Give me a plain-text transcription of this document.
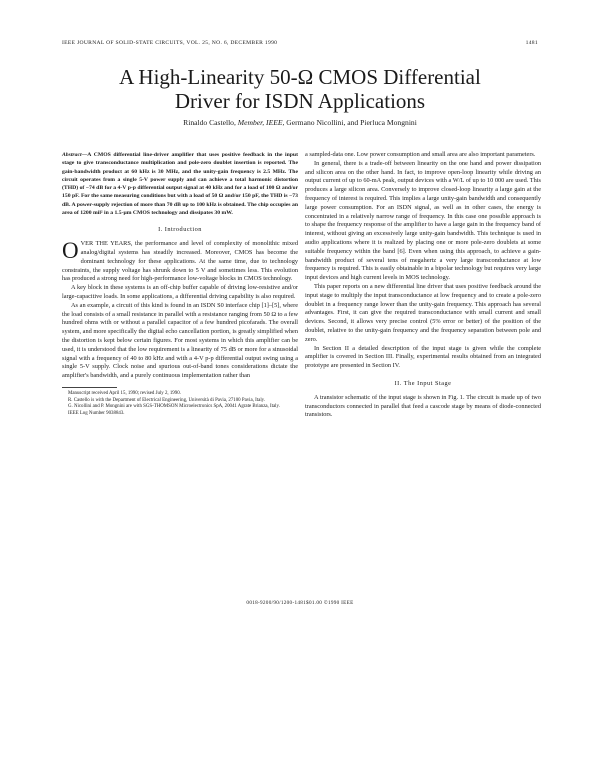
IEEE JOURNAL OF SOLID-STATE CIRCUITS, VOL. 25, NO. 6, DECEMBER 1990	1481
A High-Linearity 50-Ω CMOS Differential
Driver for ISDN Applications
Rinaldo Castello, Member, IEEE, Germano Nicollini, and Pierluca Mongnini
Abstract—A CMOS differential line-driver amplifier that uses positive feedback in the input stage to give transconductance multiplication and pole-zero doublet insertion is reported. The gain-bandwidth product at 60 kHz is 30 MHz, and the unity-gain frequency is 2.5 MHz. The circuit operates from a single 5-V power supply and can achieve a total harmonic distortion (THD) of −74 dB for a 4-V p-p differential output signal at 40 kHz and for a load of 100 Ω and/or 150 pF. For the same measuring conditions but with a load of 50 Ω and/or 150 pF, the THD is −73 dB. A power-supply rejection of more than 70 dB up to 100 kHz is obtained. The chip occupies an area of 1200 mil² in a 1.5-μm CMOS technology and dissipates 30 mW.
I. Introduction

OVER THE YEARS, the performance and level of complexity of monolithic mixed analog/digital systems has steadily increased. Moreover, CMOS has become the dominant technology for these applications. At the same time, due to technology constraints, the supply voltage has shrunk down to 5 V and sometimes less. This evolution has produced a strong need for high-performance low-voltage blocks in CMOS technology.

A key block in these systems is an off-chip buffer capable of driving low-resistive and/or large-capacitive loads. In some applications, a differential driving capability is also required.

As an example, a circuit of this kind is found in an ISDN S0 interface chip [1]–[5], where the load consists of a small resistance in parallel with a resistance ranging from 50 Ω to a few hundred ohms with or without a parallel capacitor of a few hundred picofarads. The overall system, and more specifically the digital echo cancellation portion, is greatly simplified when the distortion is kept below certain figures. For most systems in which this amplifier can be used, it is understood that the low requirement is a linearity of 75 dB or more for a sinusoidal signal with a frequency of 40 to 80 kHz and with a 4-V p-p differential output swing using a single 5-V supply. Clock noise and spurious out-of-band tones considerations dictate the amplifier's bandwidth, and a purely continuous implementation rather than

Manuscript received April 15, 1990; revised July 2, 1990.
R. Castello is with the Department of Electrical Engineering, Università di Pavia, 27100 Pavia, Italy.
G. Nicollini and P. Mongnini are with SGS-THOMSON Microelectronics SpA, 20041 Agrate Brianza, Italy.
IEEE Log Number 9038843.

a sampled-data one. Low power consumption and small area are also important parameters.

In general, there is a trade-off between linearity on the one hand and power dissipation and silicon area on the other hand. In fact, to improve open-loop linearity while driving an output current of up to 60-mA peak, output devices with a W/L of up to 10 000 are used. This produces a large silicon area. Conversely to improve closed-loop linearity a large gain at the frequency of interest is required. This implies a large unity-gain bandwidth and consequently large power consumption. For an ISDN signal, as well as in other cases, the energy is concentrated in a relatively narrow range of frequency. In this case one possible approach is to shape the frequency response of the amplifier to have a large gain in the frequency band of interest, without giving an excessively large unity-gain bandwidth. This technique is used in audio applications where it is realized by placing one or more pole-zero doublets at some suitable frequency within the band [6]. Even when using this approach, to achieve a gain-bandwidth product of several tens of megahertz a very large transconductance at low frequency is required. This is easily obtainable in a bipolar technology but requires very large input devices and high current levels in MOS technology.

This paper reports on a new differential line driver that uses positive feedback around the input stage to multiply the input transconductance at low frequency and to create a pole-zero doublet in a frequency range lower than the unity-gain frequency. This approach has several advantages. First, it can give the required transconductance with small current and small devices. Second, it allows very precise control (5% error or better) of the position of the doublet, relative to the unity-gain frequency and the frequency separation between pole and zero.

In Section II a detailed description of the input stage is given while the complete amplifier is covered in Section III. Finally, experimental results obtained from an integrated prototype are presented in Section IV.

II. The Input Stage

A transistor schematic of the input stage is shown in Fig. 1. The circuit is made up of two transconductors connected in parallel that feed a cascode stage by means of diode-connected transistors.

0018-9200/90/1200-1481$01.00 ©1990 IEEE
